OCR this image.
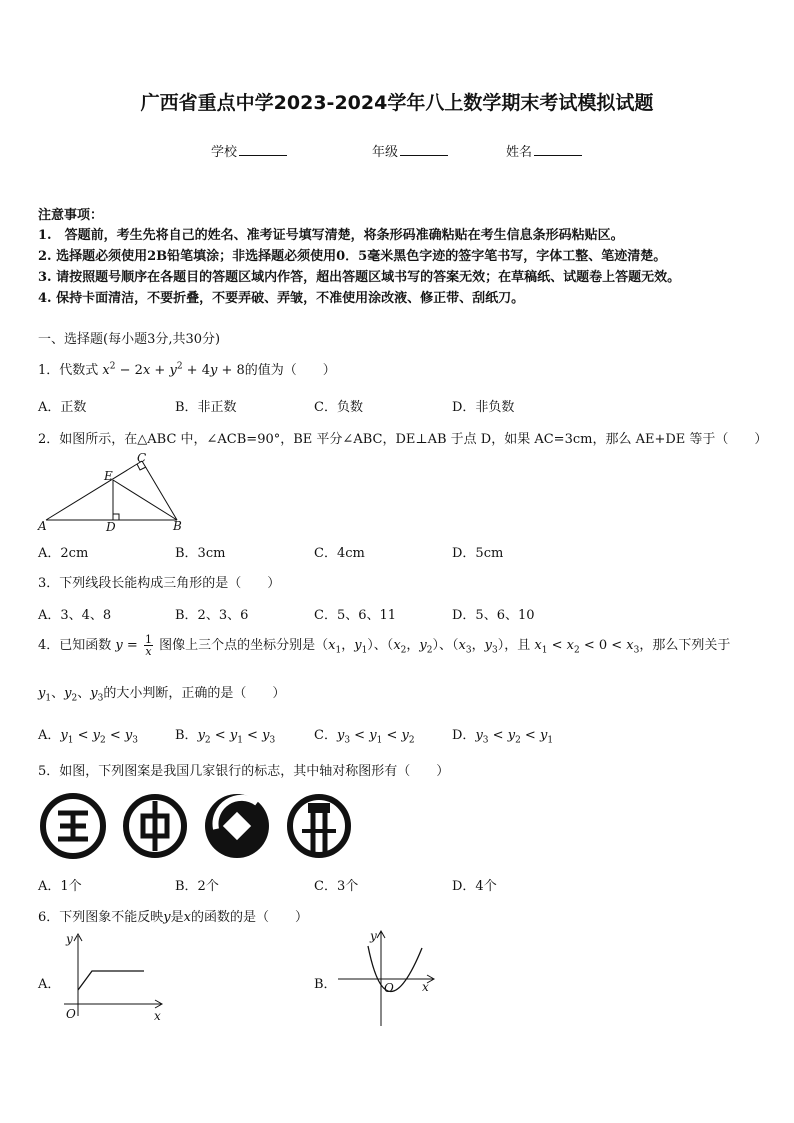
广西省重点中学2023-2024学年八上数学期末考试模拟试题
学校	年级	姓名
注意事项：
1.　答题前，考生先将自己的姓名、准考证号填写清楚，将条形码准确粘贴在考生信息条形码粘贴区。
2. 选择题必须使用2B铅笔填涂；非选择题必须使用0．5毫米黑色字迹的签字笔书写，字体工整、笔迹清楚。
3. 请按照题号顺序在各题目的答题区域内作答，超出答题区域书写的答案无效；在草稿纸、试题卷上答题无效。
4. 保持卡面清洁，不要折叠，不要弄破、弄皱，不准使用涂改液、修正带、刮纸刀。
一、选择题(每小题3分,共30分)
1．代数式 $x^2 - 2x + y^2 + 4y + 8$的值为（　　）
A．正数	B．非正数	C．负数	D．非负数
2．如图所示，在△ABC 中，∠ACB=90°，BE 平分∠ABC，DE⊥AB 于点 D，如果 AC=3cm，那么 AE+DE 等于（　　）
A	B
C
D
E
A．2cm	B．3cm	C．4cm	D．5cm
3．下列线段长能构成三角形的是（　　）
A．3、4、8	B．2、3、6	C．5、6、11	D．5、6、10
4．已知函数 $y = \frac{1}{x}$ 图像上三个点的坐标分别是（$x_1$，$y_1$）、（$x_2$，$y_2$）、（$x_3$，$y_3$），且 $x_1 < x_2 < 0 < x_3$，那么下列关于
$y_1$、$y_2$、$y_3$的大小判断，正确的是（　　）
A．$y_1 < y_2 < y_3$	B．$y_2 < y_1 < y_3$	C．$y_3 < y_1 < y_2$	D．$y_3 < y_2 < y_1$
5．如图，下列图案是我国几家银行的标志，其中轴对称图形有（　　）
A．1个	B．2个	C．3个	D．4个
6．下列图象不能反映y是x的函数的是（　　）
A．
y
x
O
B．
y
x
O
